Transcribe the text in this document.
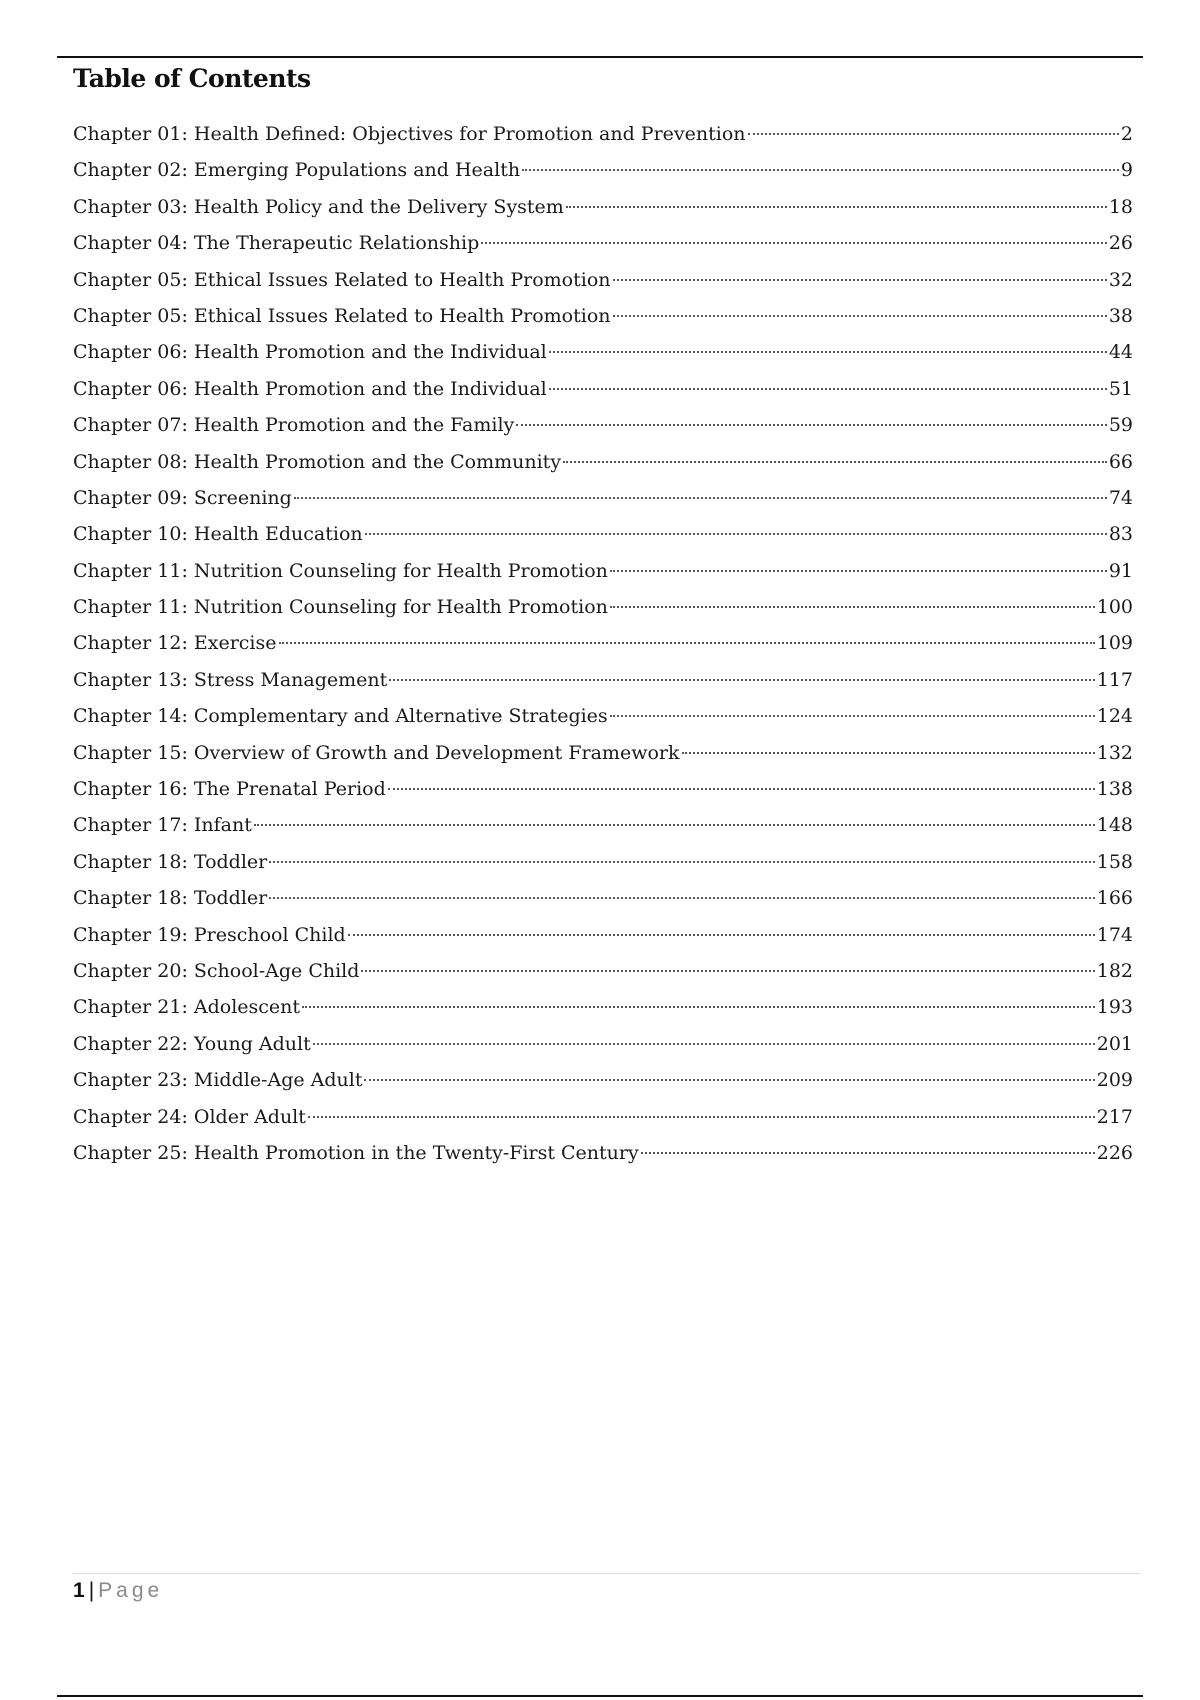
Table of Contents
Chapter 01: Health Defined: Objectives for Promotion and Prevention	2
Chapter 02: Emerging Populations and Health	9
Chapter 03: Health Policy and the Delivery System	18
Chapter 04: The Therapeutic Relationship	26
Chapter 05: Ethical Issues Related to Health Promotion	32
Chapter 05: Ethical Issues Related to Health Promotion	38
Chapter 06: Health Promotion and the Individual	44
Chapter 06: Health Promotion and the Individual	51
Chapter 07: Health Promotion and the Family	59
Chapter 08: Health Promotion and the Community	66
Chapter 09: Screening	74
Chapter 10: Health Education	83
Chapter 11: Nutrition Counseling for Health Promotion	91
Chapter 11: Nutrition Counseling for Health Promotion	100
Chapter 12: Exercise	109
Chapter 13: Stress Management	117
Chapter 14: Complementary and Alternative Strategies	124
Chapter 15: Overview of Growth and Development Framework	132
Chapter 16: The Prenatal Period	138
Chapter 17: Infant	148
Chapter 18: Toddler	158
Chapter 18: Toddler	166
Chapter 19: Preschool Child	174
Chapter 20: School-Age Child	182
Chapter 21: Adolescent	193
Chapter 22: Young Adult	201
Chapter 23: Middle-Age Adult	209
Chapter 24: Older Adult	217
Chapter 25: Health Promotion in the Twenty-First Century	226
1 | Page
